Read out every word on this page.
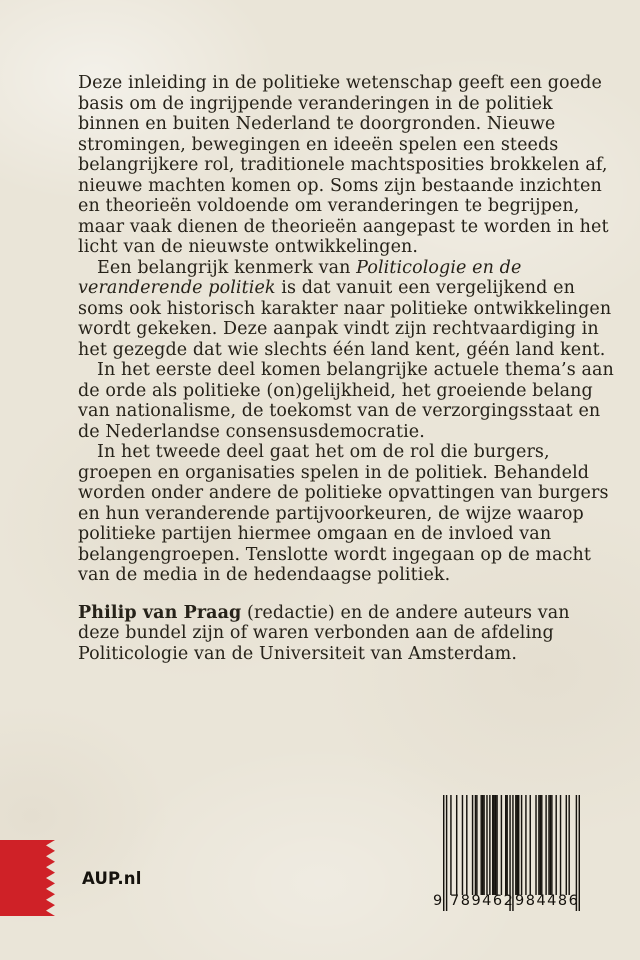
Deze inleiding in de politieke wetenschap geeft een goede
basis om de ingrijpende veranderingen in de politiek
binnen en buiten Nederland te doorgronden. Nieuwe
stromingen, bewegingen en ideeën spelen een steeds
belangrijkere rol, traditionele machtsposities brokkelen af,
nieuwe machten komen op. Soms zijn bestaande inzichten
en theorieën voldoende om veranderingen te begrijpen,
maar vaak dienen de theorieën aangepast te worden in het
licht van de nieuwste ontwikkelingen.
Een belangrijk kenmerk van Politicologie en de
veranderende politiek is dat vanuit een vergelijkend en
soms ook historisch karakter naar politieke ontwikkelingen
wordt gekeken. Deze aanpak vindt zijn rechtvaardiging in
het gezegde dat wie slechts één land kent, géén land kent.
In het eerste deel komen belangrijke actuele thema’s aan
de orde als politieke (on)gelijkheid, het groeiende belang
van nationalisme, de toekomst van de verzorgingsstaat en
de Nederlandse consensusdemocratie.
In het tweede deel gaat het om de rol die burgers,
groepen en organisaties spelen in de politiek. Behandeld
worden onder andere de politieke opvattingen van burgers
en hun veranderende partijvoorkeuren, de wijze waarop
politieke partijen hiermee omgaan en de invloed van
belangengroepen. Tenslotte wordt ingegaan op de macht
van de media in de hedendaagse politiek.
Philip van Praag (redactie) en de andere auteurs van
deze bundel zijn of waren verbonden aan de afdeling
Politicologie van de Universiteit van Amsterdam.
AUP.nl
9 789462 984486
